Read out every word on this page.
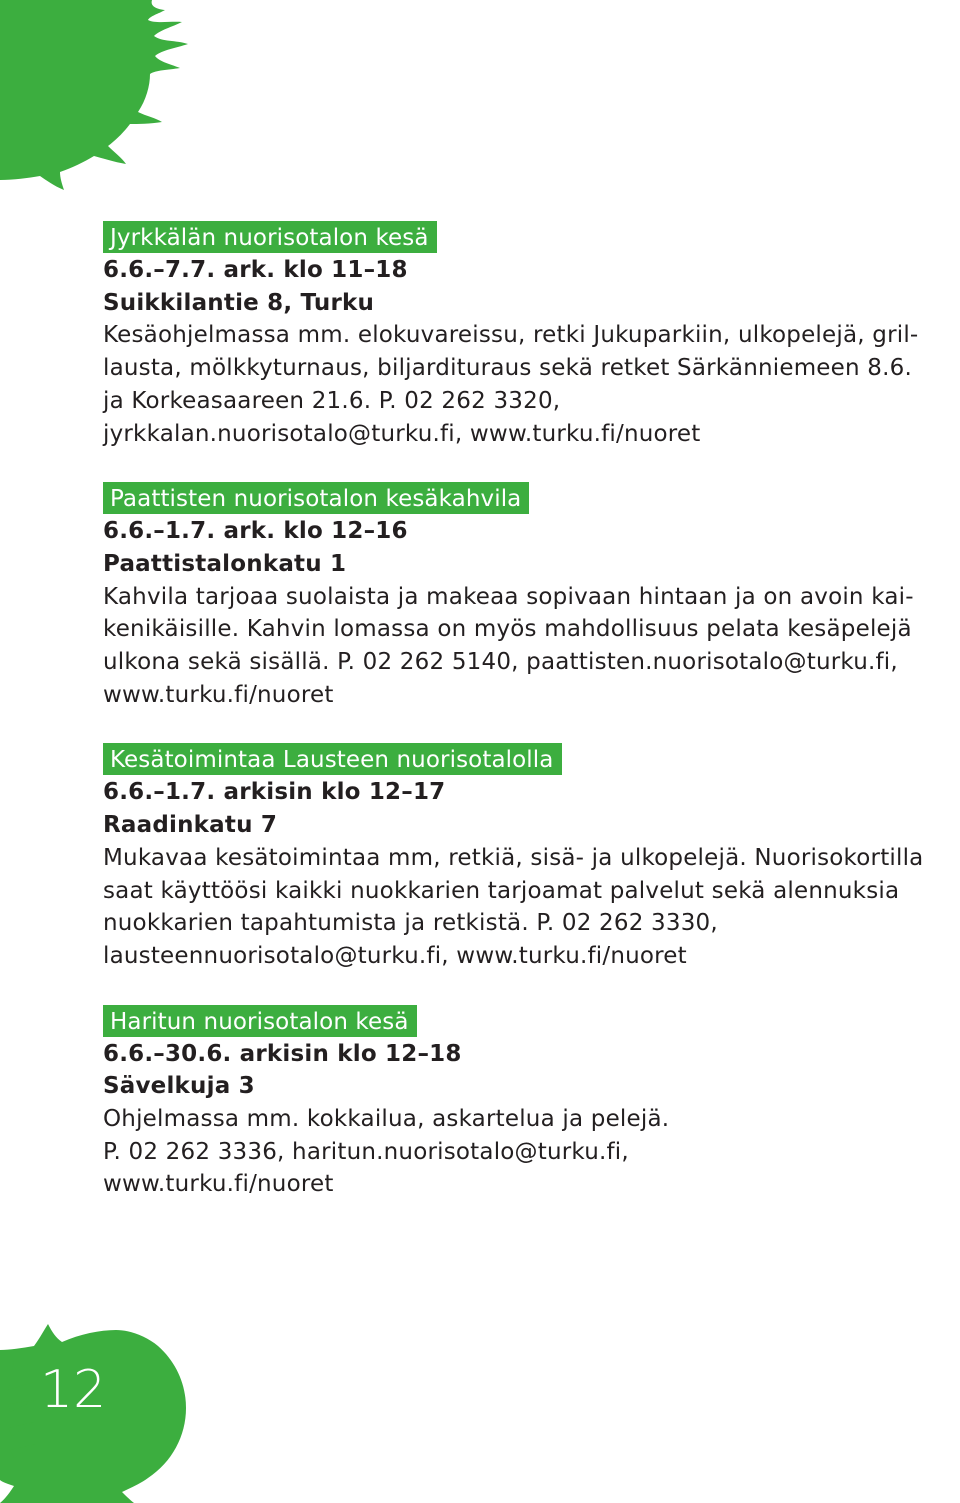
12
Jyrkkälän nuorisotalon kesä
6.6.–7.7. ark. klo 11–18
Suikkilantie 8, Turku
Kesäohjelmassa mm. elokuvareissu, retki Jukuparkiin, ulkopelejä, gril-
lausta, mölkkyturnaus, biljardituraus sekä retket Särkänniemeen 8.6.
ja Korkeasaareen 21.6. P. 02 262 3320,
jyrkkalan.nuorisotalo@turku.fi, www.turku.fi/nuoret
Paattisten nuorisotalon kesäkahvila
6.6.–1.7. ark. klo 12–16
Paattistalonkatu 1
Kahvila tarjoaa suolaista ja makeaa sopivaan hintaan ja on avoin kai-
kenikäisille. Kahvin lomassa on myös mahdollisuus pelata kesäpelejä
ulkona sekä sisällä. P. 02 262 5140, paattisten.nuorisotalo@turku.fi,
www.turku.fi/nuoret
Kesätoimintaa Lausteen nuorisotalolla
6.6.–1.7. arkisin klo 12–17
Raadinkatu 7
Mukavaa kesätoimintaa mm, retkiä, sisä- ja ulkopelejä. Nuorisokortilla
saat käyttöösi kaikki nuokkarien tarjoamat palvelut sekä alennuksia
nuokkarien tapahtumista ja retkistä. P. 02 262 3330,
lausteennuorisotalo@turku.fi, www.turku.fi/nuoret
Haritun nuorisotalon kesä
6.6.–30.6. arkisin klo 12–18
Sävelkuja 3
Ohjelmassa mm. kokkailua, askartelua ja pelejä.
P. 02 262 3336, haritun.nuorisotalo@turku.fi,
www.turku.fi/nuoret
